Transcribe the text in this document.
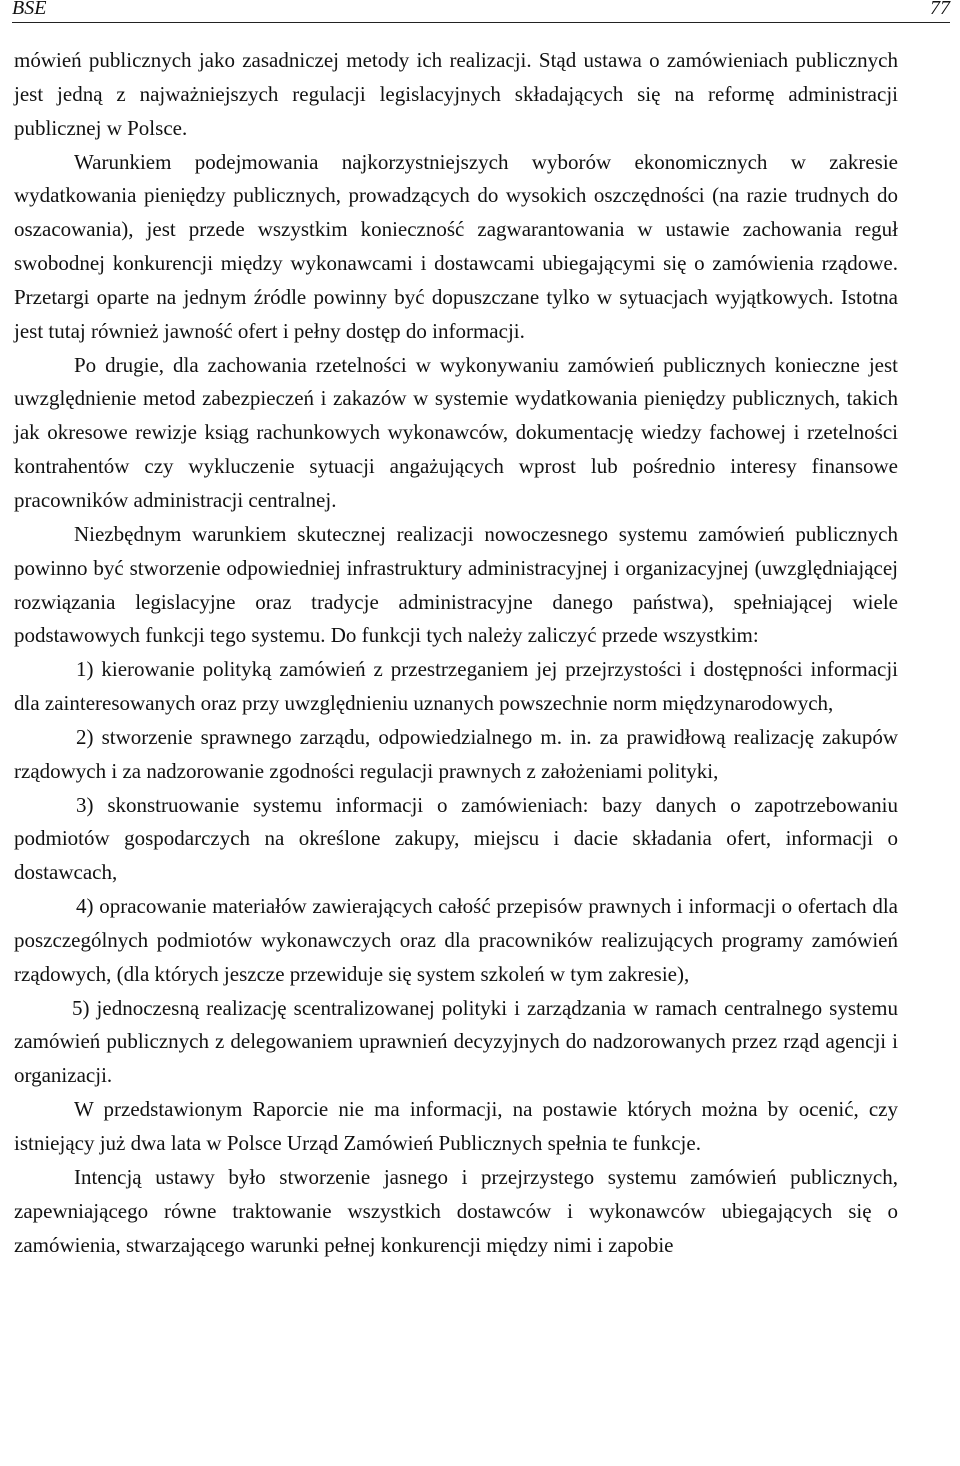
BSE	77

mówień publicznych jako zasadniczej metody ich realizacji. Stąd ustawa o zamówieniach publicznych jest jedną z najważniejszych regulacji legislacyjnych składających się na reformę administracji publicznej w Polsce.

Warunkiem podejmowania najkorzystniejszych wyborów ekonomicznych w zakresie wydatkowania pieniędzy publicznych, prowadzących do wysokich oszczędności (na razie trudnych do oszacowania), jest przede wszystkim konieczność zagwarantowania w ustawie zachowania reguł swobodnej konkurencji między wykonawcami i dostawcami ubiegającymi się o zamówienia rządowe. Przetargi oparte na jednym źródle powinny być dopuszczane tylko w sytuacjach wyjątkowych. Istotna jest tutaj również jawność ofert i pełny dostęp do informacji.

Po drugie, dla zachowania rzetelności w wykonywaniu zamówień publicznych konieczne jest uwzględnienie metod zabezpieczeń i zakazów w systemie wydatkowania pieniędzy publicznych, takich jak okresowe rewizje ksiąg rachunkowych wykonawców, dokumentację wiedzy fachowej i rzetelności kontrahentów czy wykluczenie sytuacji angażujących wprost lub pośrednio interesy finansowe pracowników administracji centralnej.

Niezbędnym warunkiem skutecznej realizacji nowoczesnego systemu zamówień publicznych powinno być stworzenie odpowiedniej infrastruktury administracyjnej i organizacyjnej (uwzględniającej rozwiązania legislacyjne oraz tradycje administracyjne danego państwa), spełniającej wiele podstawowych funkcji tego systemu. Do funkcji tych należy zaliczyć przede wszystkim:

1) kierowanie polityką zamówień z przestrzeganiem jej przejrzystości i dostępności informacji dla zainteresowanych oraz przy uwzględnieniu uznanych powszechnie norm międzynarodowych,

2) stworzenie sprawnego zarządu, odpowiedzialnego m. in. za prawidłową realizację zakupów rządowych i za nadzorowanie zgodności regulacji prawnych z założeniami polityki,

3) skonstruowanie systemu informacji o zamówieniach: bazy danych o zapotrzebowaniu podmiotów gospodarczych na określone zakupy, miejscu i dacie składania ofert, informacji o dostawcach,

4) opracowanie materiałów zawierających całość przepisów prawnych i informacji o ofertach dla poszczególnych podmiotów wykonawczych oraz dla pracowników realizujących programy zamówień rządowych, (dla których jeszcze przewiduje się system szkoleń w tym zakresie),

5) jednoczesną realizację scentralizowanej polityki i zarządzania w ramach centralnego systemu zamówień publicznych z delegowaniem uprawnień decyzyjnych do nadzorowanych przez rząd agencji i organizacji.

W przedstawionym Raporcie nie ma informacji, na postawie których można by ocenić, czy istniejący już dwa lata w Polsce Urząd Zamówień Publicznych spełnia te funkcje.

Intencją ustawy było stworzenie jasnego i przejrzystego systemu zamówień publicznych, zapewniającego równe traktowanie wszystkich dostawców i wykonawców ubiegających się o zamówienia, stwarzającego warunki pełnej konkurencji między nimi i zapobie
